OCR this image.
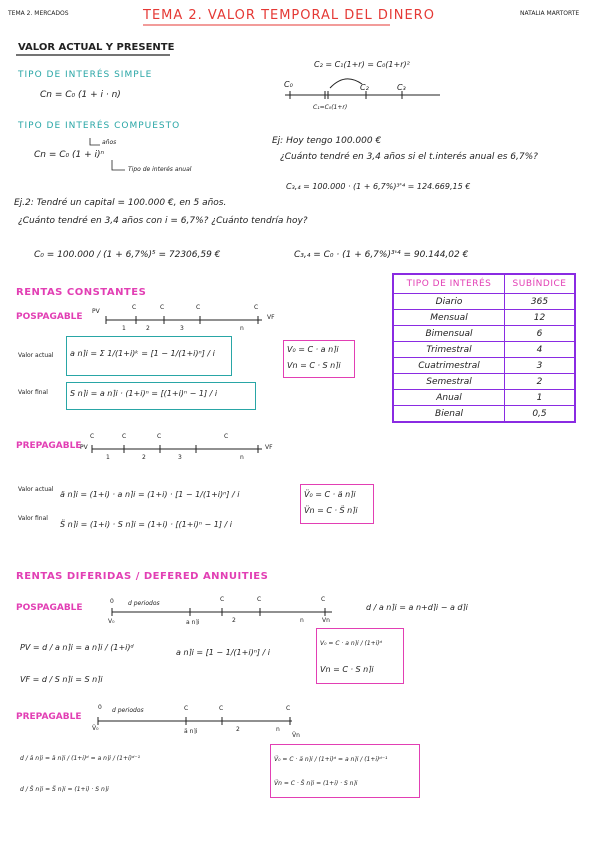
TEMA 2. MERCADOS	TEMA 2. VALOR TEMPORAL DEL DINERO	NATALIA MARTORTE
VALOR ACTUAL Y PRESENTE
TIPO DE INTERÉS SIMPLE
Cn = C₀ (1 + i · n)
TIPO DE INTERÉS COMPUESTO
años
Cn = C₀ (1 + i)ⁿ
Tipo de interés anual
C₂ = C₁(1+r) = C₀(1+r)²
C₀	C₂	C₃
C₁=C₀(1+r)
Ej: Hoy tengo 100.000 €
¿Cuánto tendré en 3,4 años si el t.interés anual es 6,7%?
C₃,₄ = 100.000 · (1 + 6,7%)³'⁴ = 124.669,15 €
Ej.2: Tendré un capital = 100.000 €, en 5 años.
¿Cuánto tendré en 3,4 años con i = 6,7%? ¿Cuánto tendría hoy?
C₀ = 100.000 / (1 + 6,7%)⁵ = 72306,59 €	C₃,₄ = C₀ · (1 + 6,7%)³'⁴ = 90.144,02 €
TIPO DE INTERÉS	SUBÍNDICE
Diario	365
Mensual	12
Bimensual	6
Trimestral	4
Cuatrimestral	3
Semestral	2
Anual	1
Bienal	0,5
RENTAS CONSTANTES
POSPAGABLE
PV
C	C	C	C
VF
1	2	3	n
Valor actual a n⌉i = Σ 1/(1+i)ᵏ = [1 − 1/(1+i)ⁿ] / i
Valor final	S n⌉i = a n⌉i · (1+i)ⁿ = [(1+i)ⁿ − 1] / i
V₀ = C · a n⌉i
Vn = C · S n⌉i
PREPAGABLE
PV
C	C	C	C
VF
1	2	3	n
Valor actual
ä n⌉i = (1+i) · a n⌉i = (1+i) · [1 − 1/(1+i)ⁿ] / i
Valor final
S̈ n⌉i = (1+i) · S n⌉i = (1+i) · [(1+i)ⁿ − 1] / i
V̈₀ = C · ä n⌉i
V̈n = C · S̈ n⌉i
RENTAS DIFERIDAS / DEFERED ANNUITIES
POSPAGABLE
0 d periodos
C	C	C
V₀	a n⌉i	2	n	Vn
d / a n⌉i = a n+d⌉i − a d⌉i
PV = d / a n⌉i = a n⌉i / (1+i)ᵈ
a n⌉i = [1 − 1/(1+i)ⁿ] / i
VF = d / S n⌉i = S n⌉i
V₀ = C · a n⌉i / (1+i)ᵈ
Vn = C · S n⌉i
PREPAGABLE
0 d periodos	C	C	C
V̈₀	ä n⌉i	2	n
V̈n
d / ä n⌉i = ä n⌉i / (1+i)ᵈ = a n⌉i / (1+i)ᵈ⁻¹
d / S̈ n⌉i = S̈ n⌉i = (1+i) · S n⌉i
V̈₀ = C · ä n⌉i / (1+i)ᵈ = a n⌉i / (1+i)ᵈ⁻¹
V̈n = C · S̈ n⌉i = (1+i) · S n⌉i
